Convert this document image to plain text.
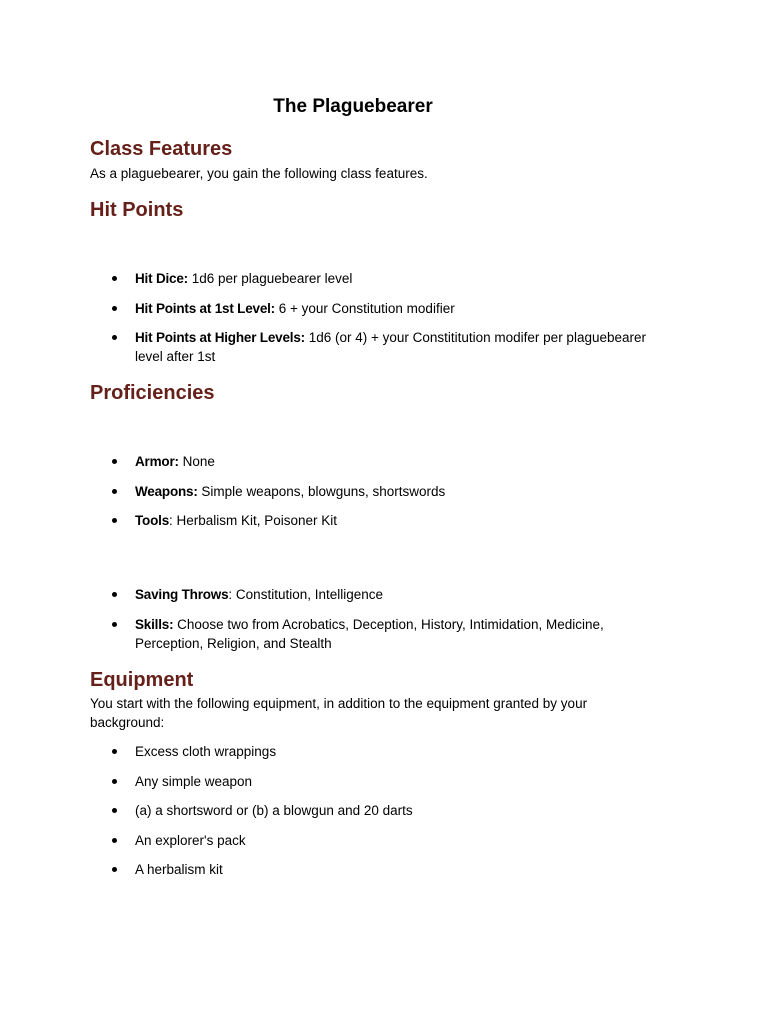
The Plaguebearer
Class Features

As a plaguebearer, you gain the following class features.

Hit Points
Hit Dice: 1d6 per plaguebearer level
Hit Points at 1st Level: 6 + your Constitution modifier
Hit Points at Higher Levels: 1d6 (or 4) + your Constititution modifer per plaguebearer level after 1st
Proficiencies
Armor: None
Weapons: Simple weapons, blowguns, shortswords
Tools: Herbalism Kit, Poisoner Kit
Saving Throws: Constitution, Intelligence
Skills: Choose two from Acrobatics, Deception, History, Intimidation, Medicine, Perception, Religion, and Stealth
Equipment

You start with the following equipment, in addition to the equipment granted by your background:

Excess cloth wrappings
Any simple weapon
(a) a shortsword or (b) a blowgun and 20 darts
An explorer's pack
A herbalism kit
